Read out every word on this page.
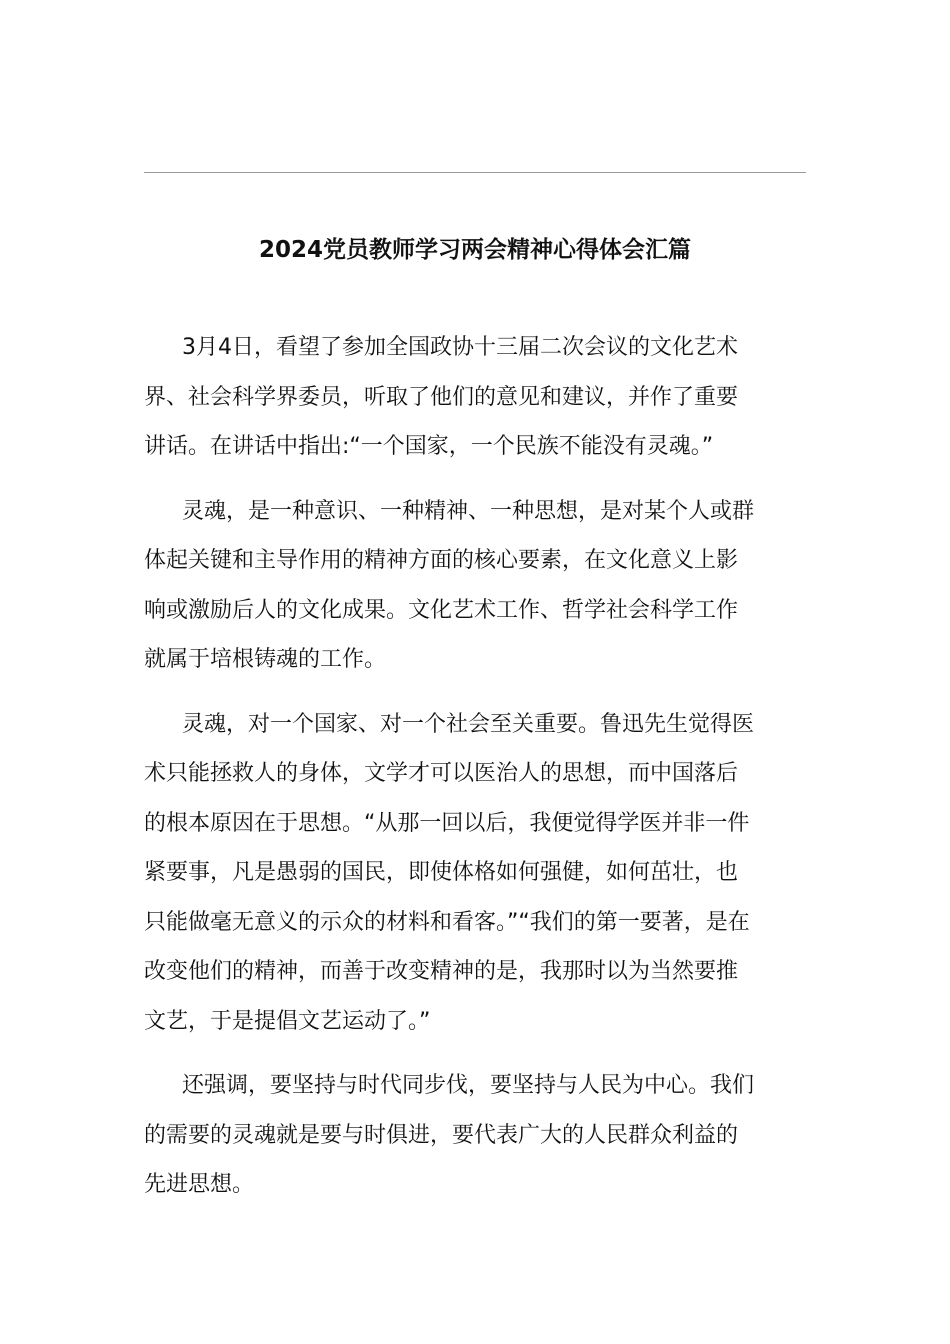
2024党员教师学习两会精神心得体会汇篇

3月4日，看望了参加全国政协十三届二次会议的文化艺术
界、社会科学界委员，听取了他们的意见和建议，并作了重要
讲话。在讲话中指出:“一个国家，一个民族不能没有灵魂。”

灵魂，是一种意识、一种精神、一种思想，是对某个人或群
体起关键和主导作用的精神方面的核心要素，在文化意义上影
响或激励后人的文化成果。文化艺术工作、哲学社会科学工作
就属于培根铸魂的工作。

灵魂，对一个国家、对一个社会至关重要。鲁迅先生觉得医
术只能拯救人的身体，文学才可以医治人的思想，而中国落后
的根本原因在于思想。“从那一回以后，我便觉得学医并非一件
紧要事，凡是愚弱的国民，即使体格如何强健，如何茁壮，也
只能做毫无意义的示众的材料和看客。”“我们的第一要著，是在
改变他们的精神，而善于改变精神的是，我那时以为当然要推
文艺，于是提倡文艺运动了。”

还强调，要坚持与时代同步伐，要坚持与人民为中心。我们
的需要的灵魂就是要与时俱进，要代表广大的人民群众利益的
先进思想。
